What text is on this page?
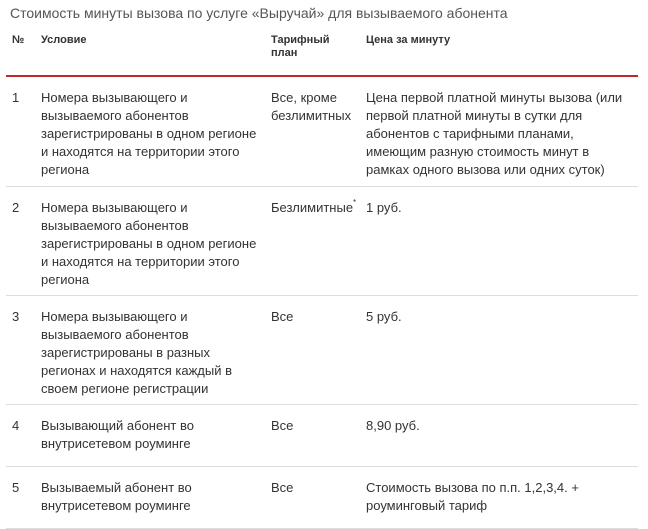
Стоимость минуты вызова по услуге «Выручай» для вызываемого абонента
№	Условие	Тарифный план	Цена за минуту
1	Номера вызывающего и вызываемого абонентов зарегистрированы в одном регионе и находятся на территории этого региона	Все, кроме безлимитных	Цена первой платной минуты вызова (или первой платной минуты в сутки для абонентов с тарифными планами, имеющим разную стоимость минут в рамках одного вызова или одних суток)
2	Номера вызывающего и вызываемого абонентов зарегистрированы в одном регионе и находятся на территории этого региона	Безлимитные*	1 руб.
3	Номера вызывающего и вызываемого абонентов зарегистрированы в разных регионах и находятся каждый в своем регионе регистрации	Все	5 руб.
4	Вызывающий абонент во внутрисетевом роуминге	Все	8,90 руб.
5	Вызываемый абонент во внутрисетевом роуминге	Все	Стоимость вызова по п.п. 1,2,3,4. + роуминговый тариф
